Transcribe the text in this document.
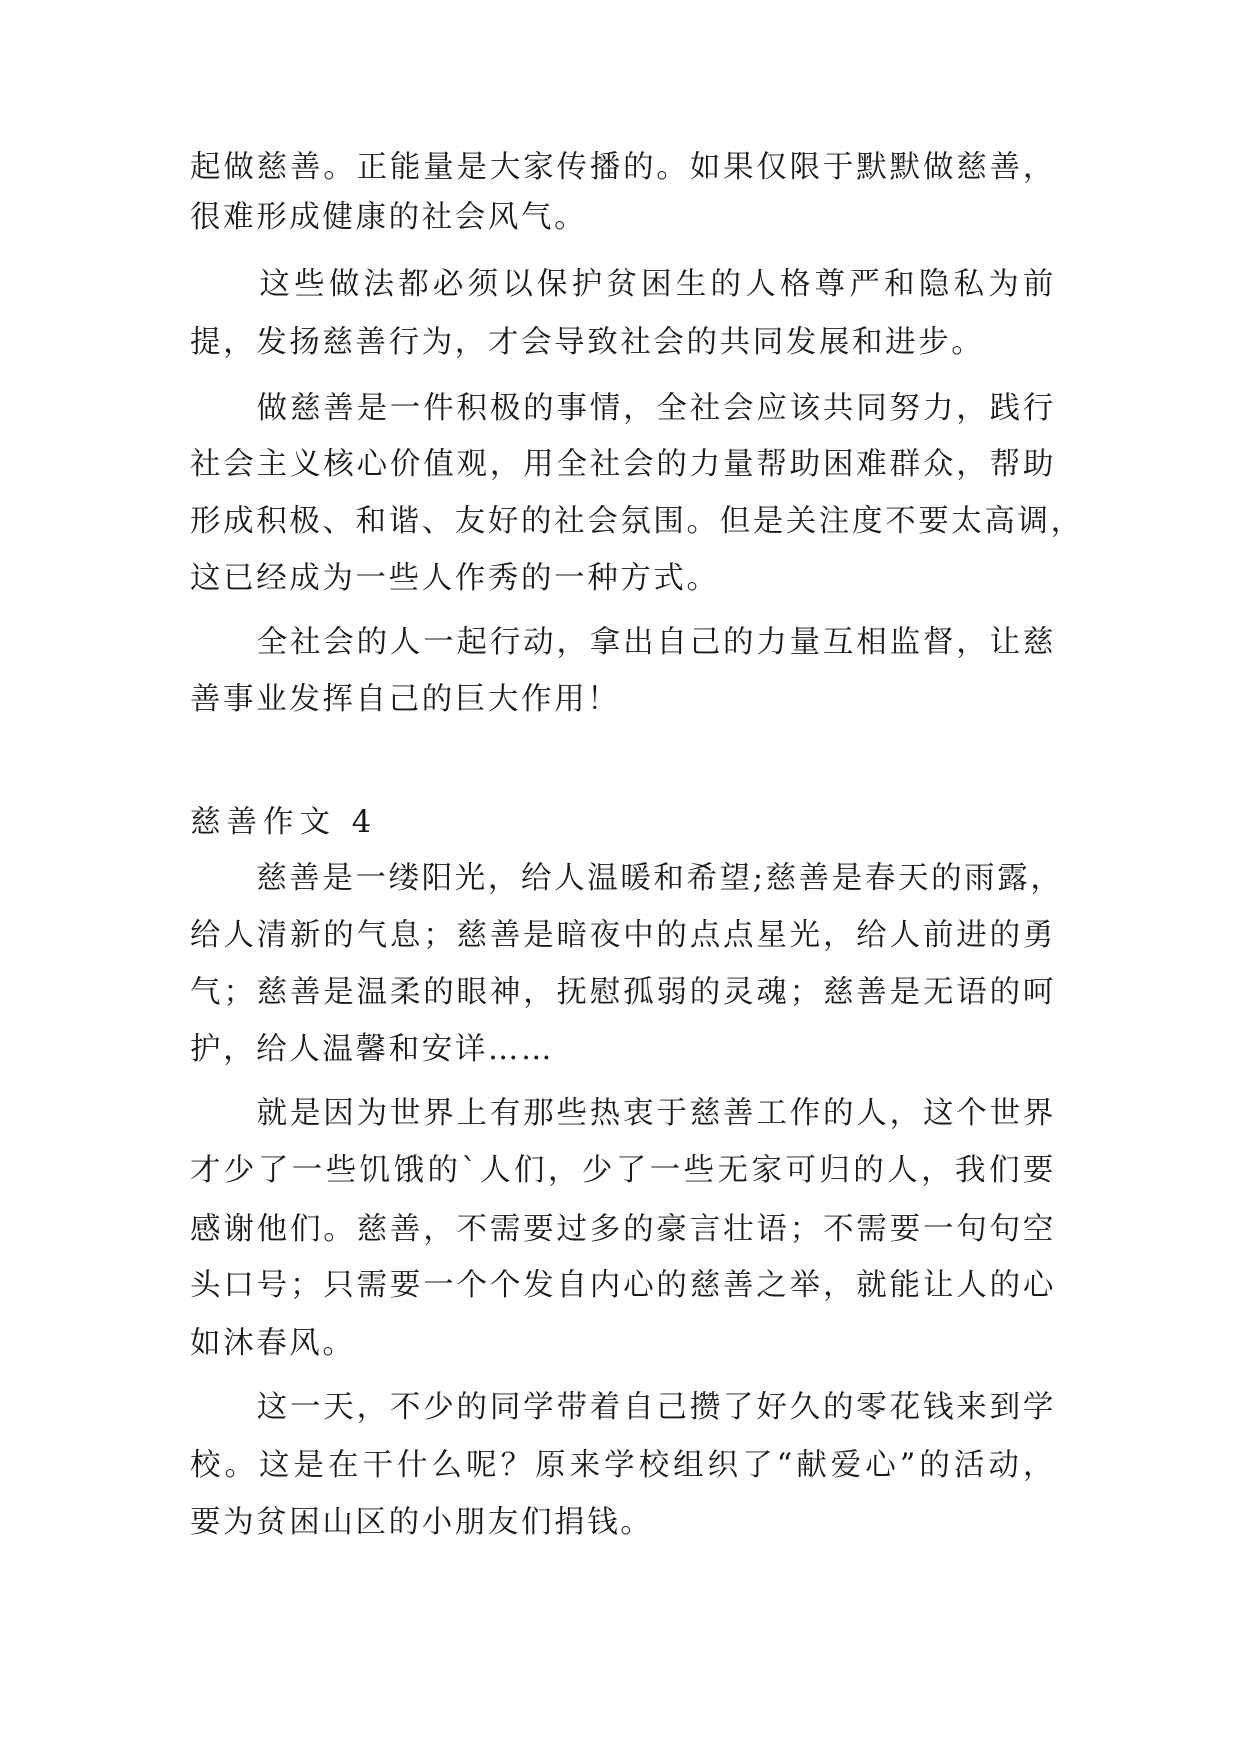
起做慈善。正能量是大家传播的。如果仅限于默默做慈善，

很难形成健康的社会风气。

　　这些做法都必须以保护贫困生的人格尊严和隐私为前

提，发扬慈善行为，才会导致社会的共同发展和进步。

　　做慈善是一件积极的事情，全社会应该共同努力，践行

社会主义核心价值观，用全社会的力量帮助困难群众，帮助

形成积极、和谐、友好的社会氛围。但是关注度不要太高调，

这已经成为一些人作秀的一种方式。

　　全社会的人一起行动，拿出自己的力量互相监督，让慈

善事业发挥自己的巨大作用！

慈善作文 4

　　慈善是一缕阳光，给人温暖和希望;慈善是春天的雨露，

给人清新的气息；慈善是暗夜中的点点星光，给人前进的勇

气；慈善是温柔的眼神，抚慰孤弱的灵魂；慈善是无语的呵

护，给人温馨和安详……

　　就是因为世界上有那些热衷于慈善工作的人，这个世界

才少了一些饥饿的`人们，少了一些无家可归的人，我们要

感谢他们。慈善，不需要过多的豪言壮语；不需要一句句空

头口号；只需要一个个发自内心的慈善之举，就能让人的心

如沐春风。

　　这一天，不少的同学带着自己攒了好久的零花钱来到学

校。这是在干什么呢？原来学校组织了“献爱心”的活动，

要为贫困山区的小朋友们捐钱。
